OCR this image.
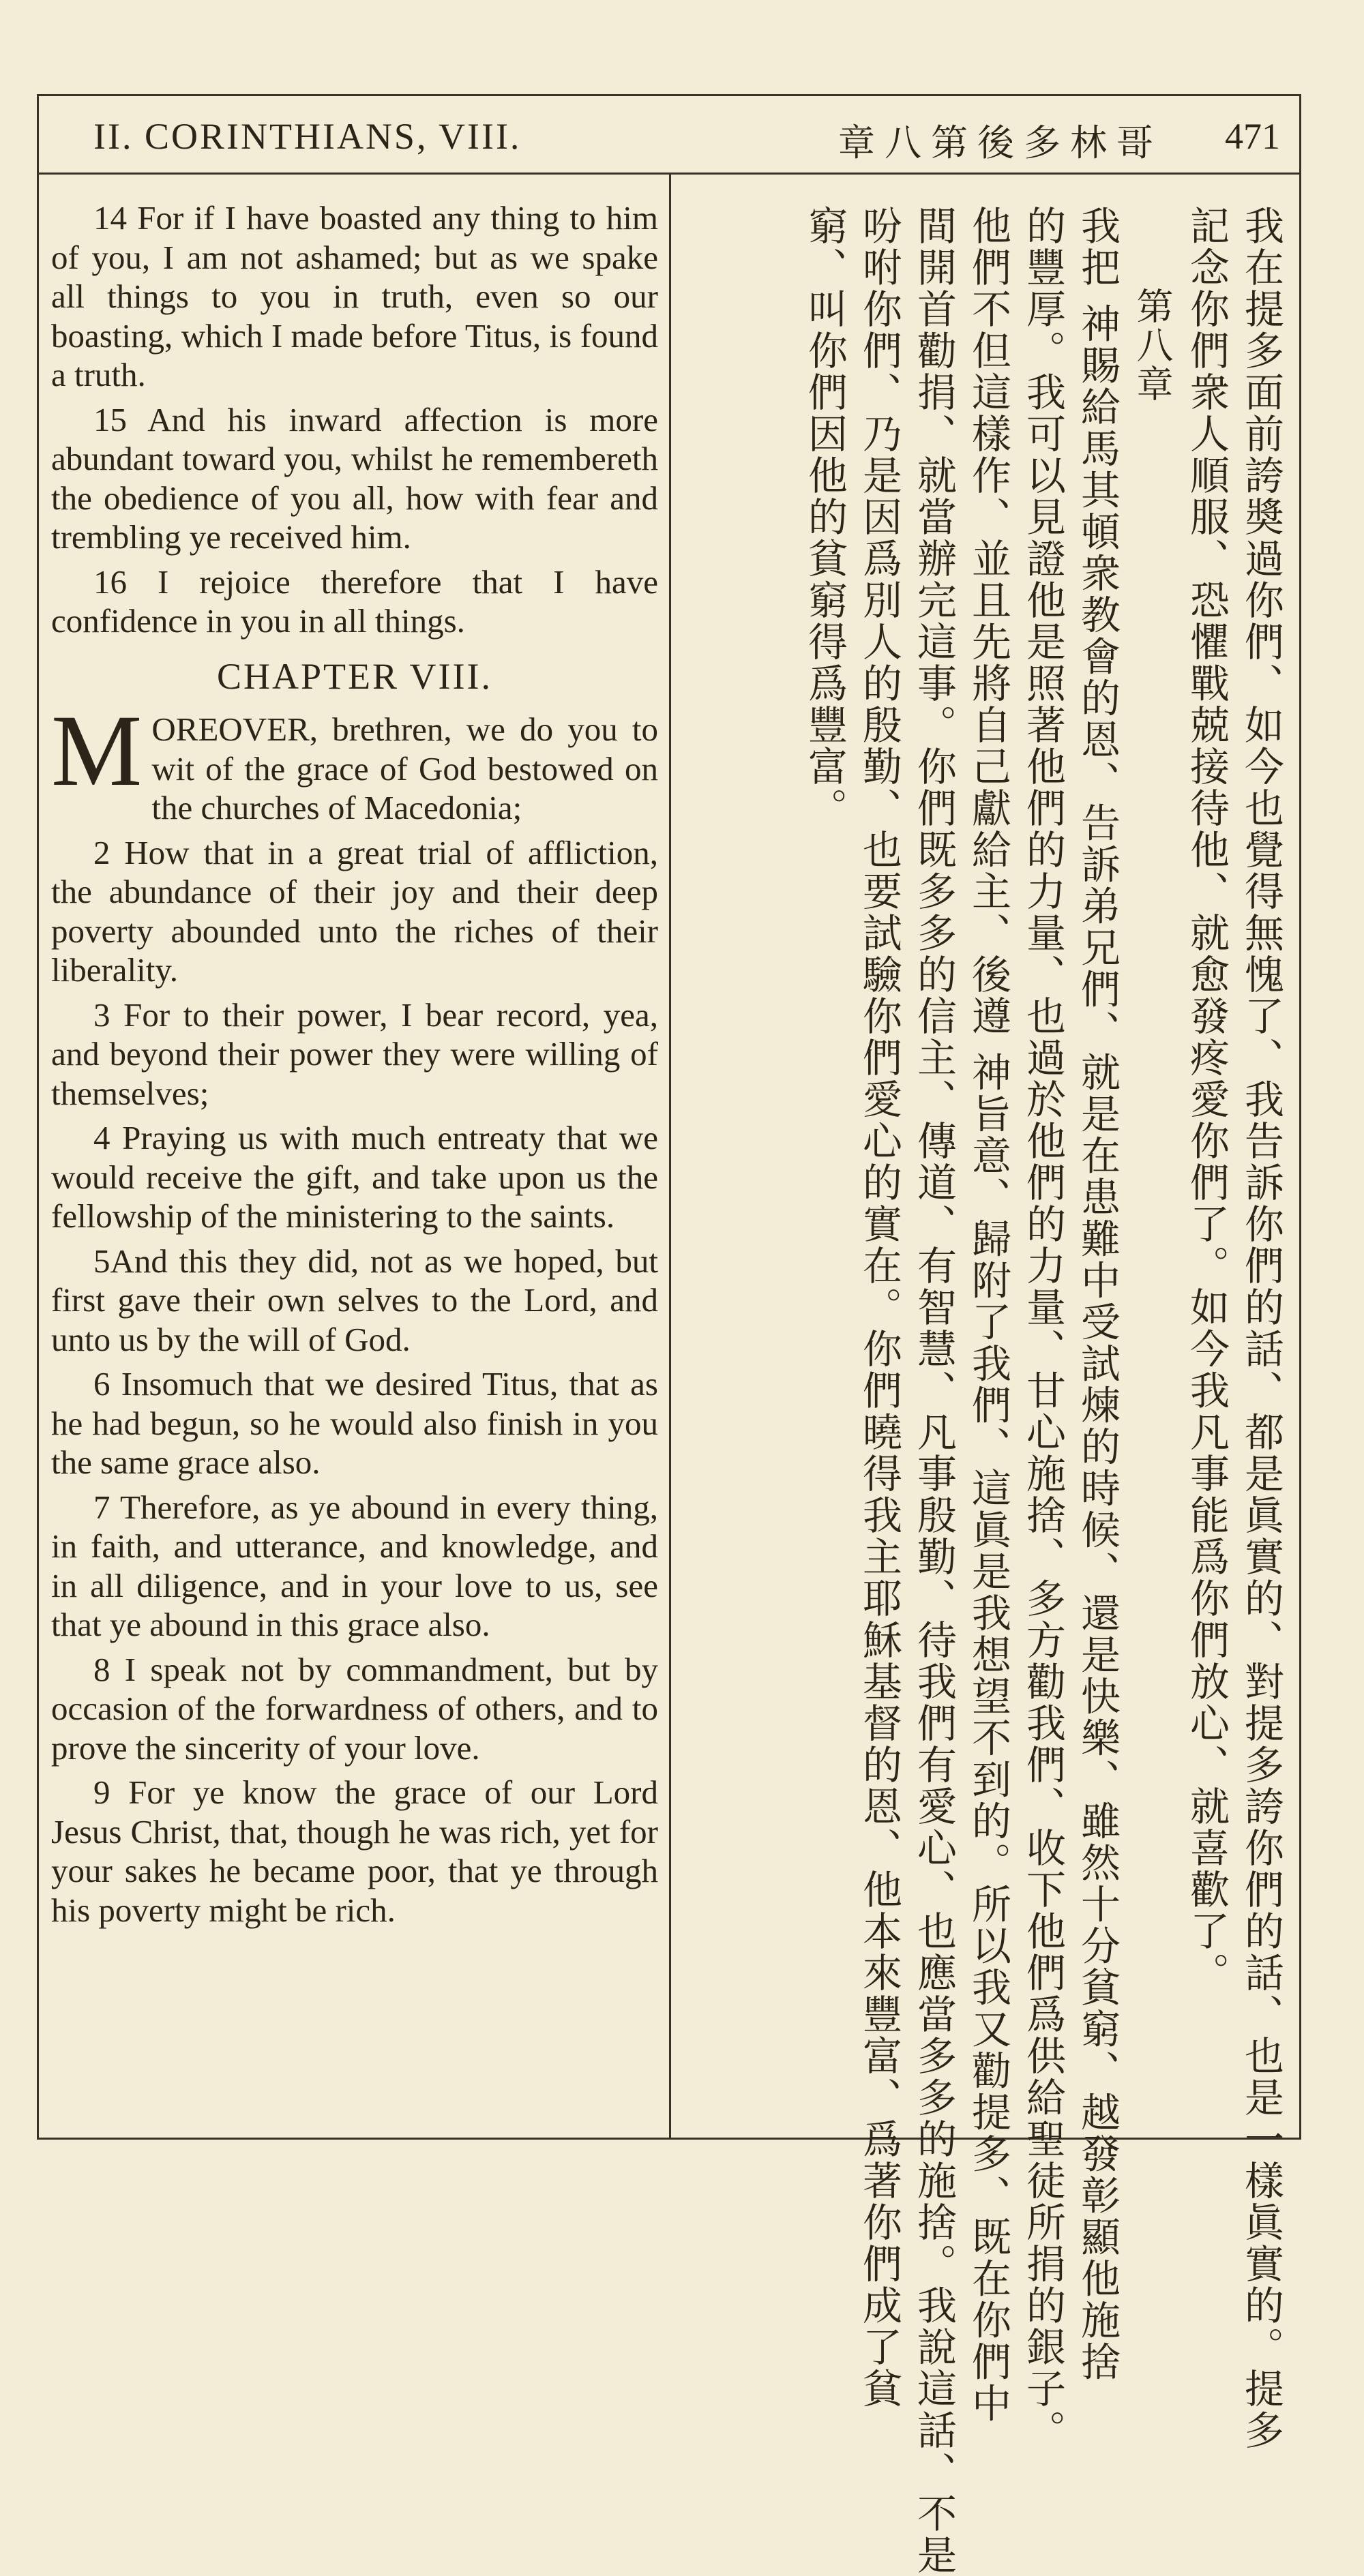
II. CORINTHIANS, VIII.	章八第後多林哥 471

14 For if I have boasted any thing to him of you, I am not ashamed; but as we spake all things to you in truth, even so our boasting, which I made before Titus, is found a truth.

15 And his inward affection is more abundant toward you, whilst he remembereth the obedience of you all, how with fear and trembling ye received him.

16 I rejoice therefore that I have confidence in you in all things.

CHAPTER VIII.

M OREOVER, brethren, we do you to wit of the grace of God bestowed on the churches of Macedonia;

2 How that in a great trial of affliction, the abundance of their joy and their deep poverty abounded unto the riches of their liberality.

3 For to their power, I bear record, yea, and beyond their power they were willing of themselves;

4 Praying us with much entreaty that we would receive the gift, and take upon us the fellowship of the ministering to the saints.

5And this they did, not as we hoped, but first gave their own selves to the Lord, and unto us by the will of God.

6 Insomuch that we desired Titus, that as he had begun, so he would also finish in you the same grace also.

7 Therefore, as ye abound in every thing, in faith, and utterance, and knowledge, and in all diligence, and in your love to us, see that ye abound in this grace also.

8 I speak not by commandment, but by occasion of the forwardness of others, and to prove the sincerity of your love.

9 For ye know the grace of our Lord Jesus Christ, that, though he was rich, yet for your sakes he became poor, that ye through his poverty might be rich.	我在提多面前誇奬過你們、如今也覺得無愧了、我告訴你們的話、都是眞實的、對提多誇你們的話、也是一樣眞實的。提多
記念你們衆人順服、恐懼戰兢接待他、就愈發疼愛你們了。如今我凡事能爲你們放心、就喜歡了。
第八章
我把 神賜給馬其頓衆教會的恩、告訴弟兄們、就是在患難中受試煉的時候、還是快樂、雖然十分貧窮、越發彰顯他施捨
的豐厚。我可以見證他是照著他們的力量、也過於他們的力量、甘心施捨、多方勸我們、收下他們爲供給聖徒所捐的銀子。
他們不但這樣作、並且先將自己獻給主、後遵 神旨意、歸附了我們、這眞是我想望不到的。所以我又勸提多、既在你們中
間開首勸捐、就當辦完這事。你們既多多的信主、傳道、有智慧、凡事殷勤、待我們有愛心、也應當多多的施捨。我說這話、不是
吩咐你們、乃是因爲別人的殷勤、也要試驗你們愛心的實在。你們曉得我主耶穌基督的恩、他本來豐富、爲著你們成了貧
窮、叫你們因他的貧窮得爲豐富。
